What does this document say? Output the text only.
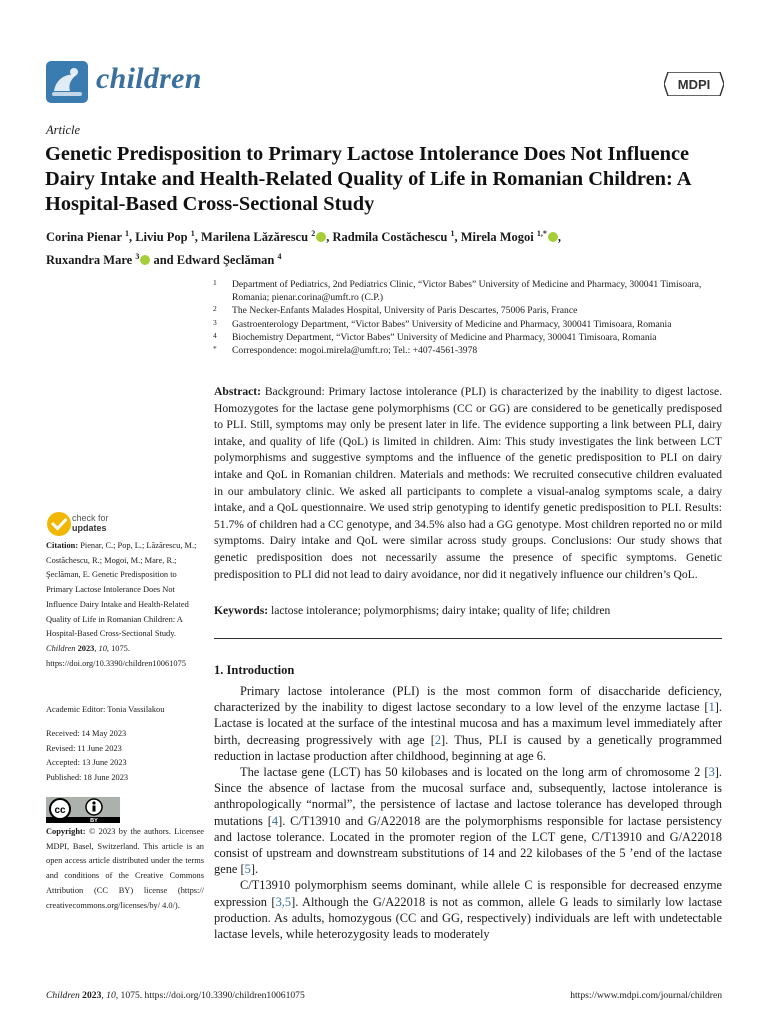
children	MDPI
Article
Genetic Predisposition to Primary Lactose Intolerance Does Not Influence Dairy Intake and Health-Related Quality of Life in Romanian Children: A Hospital-Based Cross-Sectional Study
Corina Pienar $^1$, Liviu Pop $^1$, Marilena Lăzărescu $^2$ , Radmila Costăchescu $^1$, Mirela Mogoi $^{1,*}$ ,
Ruxandra Mare $^3$ and Edward Şeclăman $^4$
1 Department of Pediatrics, 2nd Pediatrics Clinic, “Victor Babes” University of Medicine and Pharmacy, 300041 Timisoara, Romania; pienar.corina@umft.ro (C.P.)
2 The Necker-Enfants Malades Hospital, University of Paris Descartes, 75006 Paris, France
3 Gastroenterology Department, “Victor Babes” University of Medicine and Pharmacy, 300041 Timisoara, Romania
4 Biochemistry Department, “Victor Babes” University of Medicine and Pharmacy, 300041 Timisoara, Romania
* Correspondence: mogoi.mirela@umft.ro; Tel.: +407-4561-3978
Abstract: Background: Primary lactose intolerance (PLI) is characterized by the inability to digest lactose. Homozygotes for the lactase gene polymorphisms (CC or GG) are considered to be genetically predisposed to PLI. Still, symptoms may only be present later in life. The evidence supporting a link between PLI, dairy intake, and quality of life (QoL) is limited in children. Aim: This study investigates the link between LCT polymorphisms and suggestive symptoms and the influence of the genetic predisposition to PLI on dairy intake and QoL in Romanian children. Materials and methods: We recruited consecutive children evaluated in our ambulatory clinic. We asked all participants to complete a visual-analog symptoms scale, a dairy intake, and a QoL questionnaire. We used strip genotyping to identify genetic predisposition to PLI. Results: 51.7% of children had a CC genotype, and 34.5% also had a GG genotype. Most children reported no or mild symptoms. Dairy intake and QoL were similar across study groups. Conclusions: Our study shows that genetic predisposition does not necessarily assume the presence of specific symptoms. Genetic predisposition to PLI did not lead to dairy avoidance, nor did it negatively influence our children’s QoL.
Keywords: lactose intolerance; polymorphisms; dairy intake; quality of life; children
1. Introduction

Primary lactose intolerance (PLI) is the most common form of disaccharide deficiency, characterized by the inability to digest lactose secondary to a low level of the enzyme lactase [1]. Lactase is located at the surface of the intestinal mucosa and has a maximum level immediately after birth, decreasing progressively with age [2]. Thus, PLI is caused by a genetically programmed reduction in lactase production after childhood, beginning at age 6.

The lactase gene (LCT) has 50 kilobases and is located on the long arm of chromosome 2 [3]. Since the absence of lactase from the mucosal surface and, subsequently, lactose intolerance is anthropologically “normal”, the persistence of lactase and lactose tolerance has developed through mutations [4]. C/T13910 and G/A22018 are the polymorphisms responsible for lactase persistency and lactose tolerance. Located in the promoter region of the LCT gene, C/T13910 and G/A22018 consist of upstream and downstream substitutions of 14 and 22 kilobases of the 5 ’end of the lactase gene [5].

C/T13910 polymorphism seems dominant, while allele C is responsible for decreased enzyme expression [3,5]. Although the G/A22018 is not as common, allele G leads to similarly low lactase production. As adults, homozygous (CC and GG, respectively) individuals are left with undetectable lactase levels, while heterozygosity leads to moderately

check for
updates
Citation: Pienar, C.; Pop, L.; Lăzărescu, M.; Costăchescu, R.; Mogoi, M.; Mare, R.; Şeclăman, E. Genetic Predisposition to Primary Lactose Intolerance Does Not Influence Dairy Intake and Health-Related Quality of Life in Romanian Children: A Hospital-Based Cross-Sectional Study. Children 2023, 10, 1075. https://doi.org/10.3390/children10061075
Academic Editor: Tonia Vassilakou
Received: 14 May 2023
Revised: 11 June 2023
Accepted: 13 June 2023
Published: 18 June 2023
cc
BY
Copyright: © 2023 by the authors. Licensee MDPI, Basel, Switzerland. This article is an open access article distributed under the terms and conditions of the Creative Commons Attribution (CC BY) license (https:// creativecommons.org/licenses/by/ 4.0/).
Children 2023, 10, 1075. https://doi.org/10.3390/children10061075	https://www.mdpi.com/journal/children
